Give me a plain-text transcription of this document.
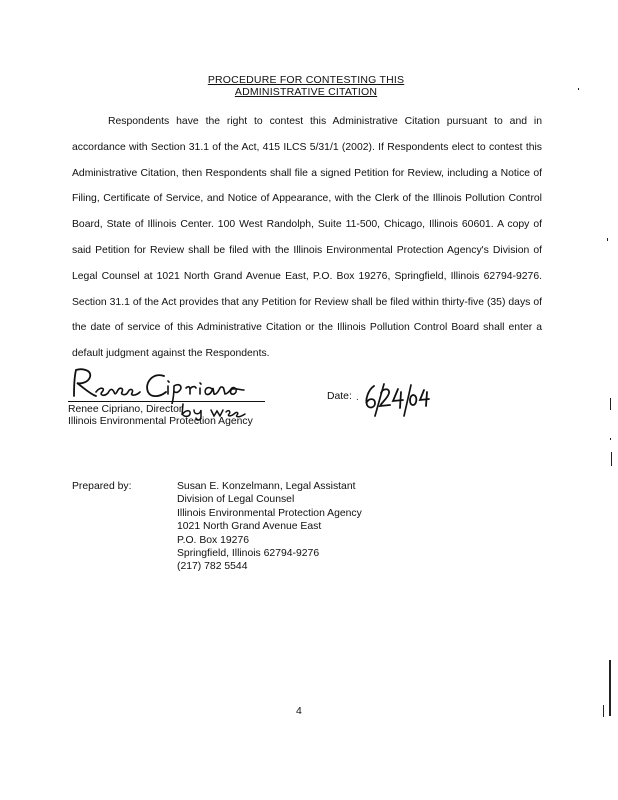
PROCEDURE FOR CONTESTING THIS
ADMINISTRATIVE CITATION
Respondents have the right to contest this Administrative Citation pursuant to and in accordance with Section 31.1 of the Act, 415 ILCS 5/31/1 (2002). If Respondents elect to contest this Administrative Citation, then Respondents shall file a signed Petition for Review, including a Notice of Filing, Certificate of Service, and Notice of Appearance, with the Clerk of the Illinois Pollution Control Board, State of Illinois Center. 100 West Randolph, Suite 11-500, Chicago, Illinois 60601. A copy of said Petition for Review shall be filed with the Illinois Environmental Protection Agency's Division of Legal Counsel at 1021 North Grand Avenue East, P.O. Box 19276, Springfield, Illinois 62794-9276. Section 31.1 of the Act provides that any Petition for Review shall be filed within thirty-five (35) days of the date of service of this Administrative Citation or the Illinois Pollution Control Board shall enter a default judgment against the Respondents.
Renee Cipriano, Director
Illinois Environmental Protection Agency
Date: .
Prepared by:	Susan E. Konzelmann, Legal Assistant
Division of Legal Counsel
Illinois Environmental Protection Agency
1021 North Grand Avenue East
P.O. Box 19276
Springfield, Illinois 62794-9276
(217) 782 5544
4
